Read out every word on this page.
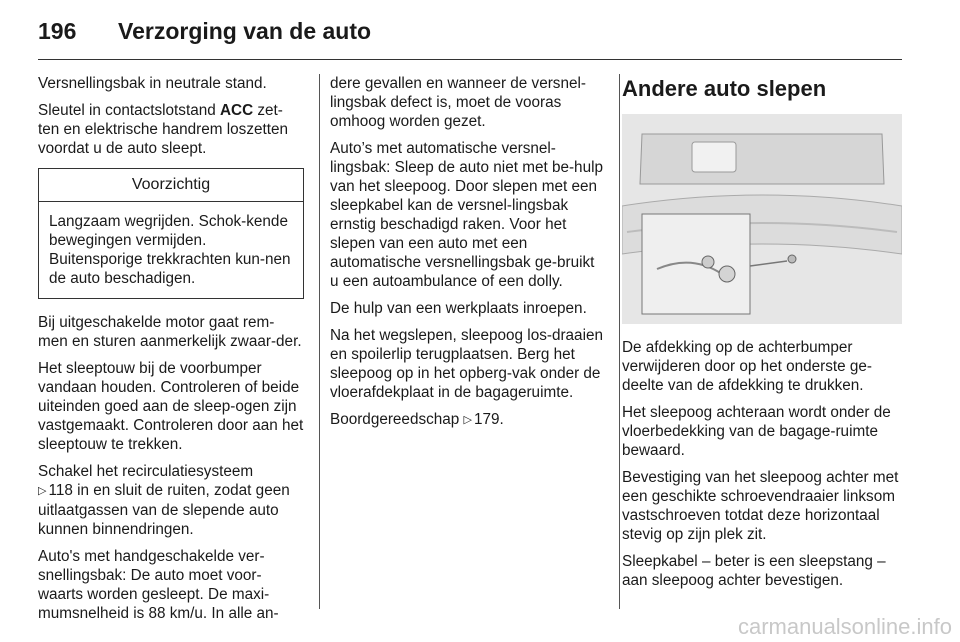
196 Verzorging van de auto

Versnellingsbak in neutrale stand.

Sleutel in contactslotstand ACC zet-ten en elektrische handrem loszetten voordat u de auto sleept.

Voorzichtig
Langzaam wegrijden. Schok-kende bewegingen vermijden. Buitensporige trekkrachten kun-nen de auto beschadigen.

Bij uitgeschakelde motor gaat rem-men en sturen aanmerkelijk zwaar-der.

Het sleeptouw bij de voorbumper vandaan houden. Controleren of beide uiteinden goed aan de sleep-ogen zijn vastgemaakt. Controleren door aan het sleeptouw te trekken.

Schakel het recirculatiesysteem
▷ 118 in en sluit de ruiten, zodat geen uitlaatgassen van de slepende auto kunnen binnendringen.

Auto's met handgeschakelde ver-snellingsbak: De auto moet voor-waarts worden gesleept. De maxi-mumsnelheid is 88 km/u. In alle an-

dere gevallen en wanneer de versnel-lingsbak defect is, moet de vooras omhoog worden gezet.

Auto’s met automatische versnel-lingsbak: Sleep de auto niet met be-hulp van het sleepoog. Door slepen met een sleepkabel kan de versnel-lingsbak ernstig beschadigd raken. Voor het slepen van een auto met een automatische versnellingsbak ge-bruikt u een autoambulance of een dolly.

De hulp van een werkplaats inroepen.

Na het wegslepen, sleepoog los-draaien en spoilerlip terugplaatsen. Berg het sleepoog op in het opberg-vak onder de vloerafdekplaat in de bagageruimte.

Boordgereedschap ▷ 179.

Andere auto slepen

De afdekking op de achterbumper verwijderen door op het onderste ge-deelte van de afdekking te drukken.

Het sleepoog achteraan wordt onder de vloerbedekking van de bagage-ruimte bewaard.

Bevestiging van het sleepoog achter met een geschikte schroevendraaier linksom vastschroeven totdat deze horizontaal stevig op zijn plek zit.

Sleepkabel – beter is een sleepstang – aan sleepoog achter bevestigen.

carmanualsonline.info
